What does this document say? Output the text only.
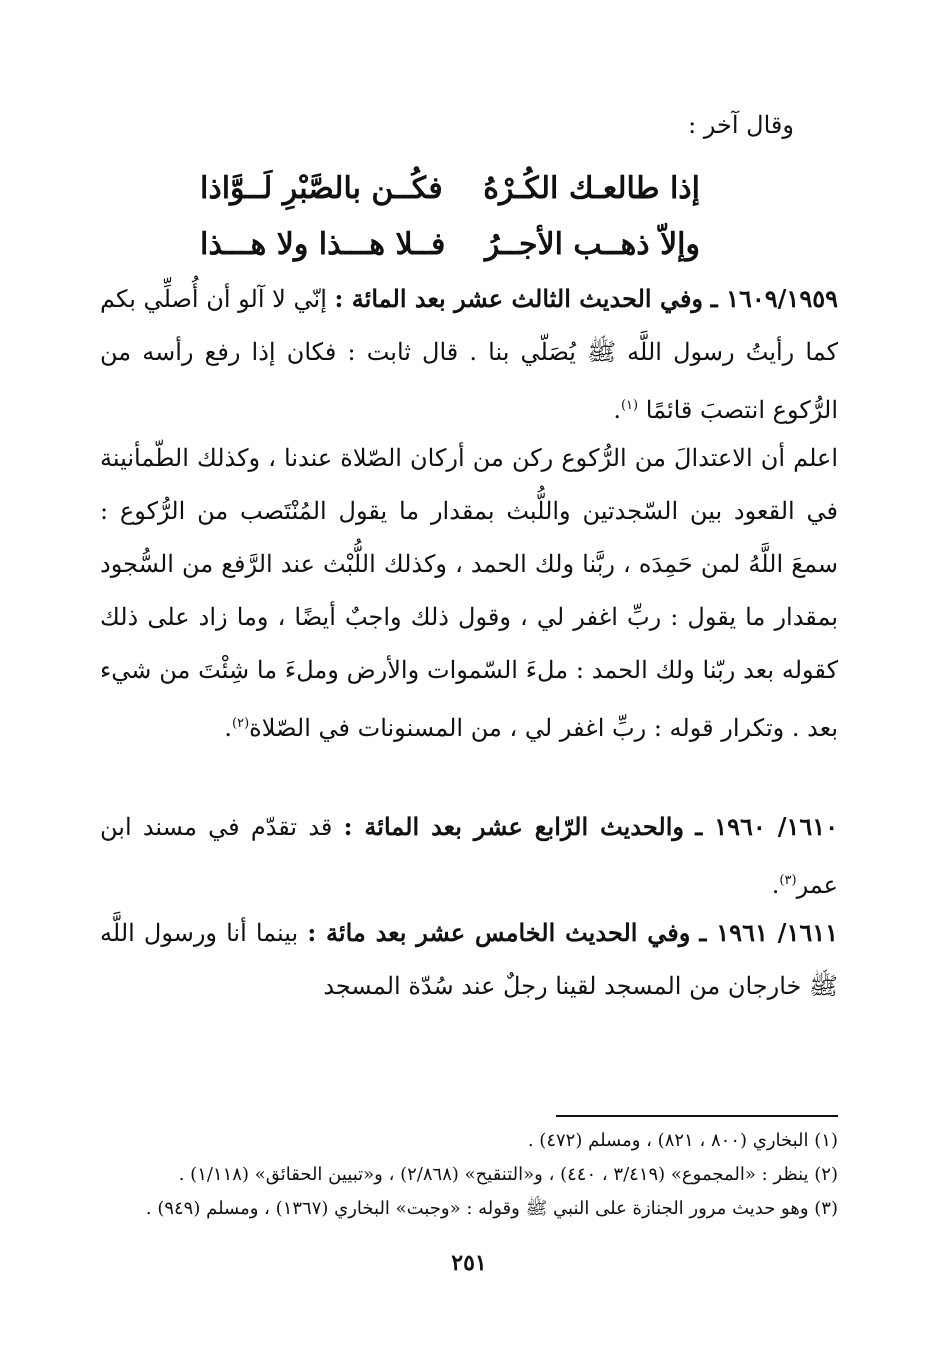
وقال آخر :
إذا طالعـك الكُـرْهُ
فكُــن بالصَّبْرِ لَــوَّاذا
وإلاّ ذهــب الأجــرُ
فــلا هـــذا ولا هـــذا

١٦٠٩/١٩٥٩ ـ وفي الحديث الثالث عشر بعد المائة : إنّي لا آلو أن أُصلِّي بكم كما رأيتُ رسول اللَّه ﷺ يُصَلّي بنا . قال ثابت : فكان إذا رفع رأسه من الرُّكوع انتصبَ قائمًا $^{(١)}$.

اعلم أن الاعتدالَ من الرُّكوع ركن من أركان الصّلاة عندنا ، وكذلك الطّمأنينة في القعود بين السّجدتين واللُّبث بمقدار ما يقول المُنْتَصب من الرُّكوع : سمعَ اللَّهُ لمن حَمِدَه ، ربَّنا ولك الحمد ، وكذلك اللُّبْث عند الرَّفع من السُّجود بمقدار ما يقول : ربِّ اغفر لي ، وقول ذلك واجبٌ أيضًا ، وما زاد على ذلك كقوله بعد ربّنا ولك الحمد : ملءَ السّموات والأرض وملءَ ما شِئْتَ من شيء بعد . وتكرار قوله : ربِّ اغفر لي ، من المسنونات في الصّلاة$^{(٢)}$.

١٦١٠/ ١٩٦٠ ـ والحديث الرّابع عشر بعد المائة : قد تقدّم في مسند ابن عمر$^{(٣)}$.

١٦١١/ ١٩٦١ ـ وفي الحديث الخامس عشر بعد مائة : بينما أنا ورسول اللَّه ﷺ خارجان من المسجد لقينا رجلٌ عند سُدّة المسجد

(١) البخاري (٨٠٠ ، ٨٢١) ، ومسلم (٤٧٢) .

(٢) ينظر : «المجموع» (٣/٤١٩ ، ٤٤٠) ، و«التنقيح» (٢/٨٦٨) ، و«تبيين الحقائق» (١/١١٨) .

(٣) وهو حديث مرور الجنازة على النبي ﷺ وقوله : «وجبت» البخاري (١٣٦٧) ، ومسلم (٩٤٩) .

٢٥١
